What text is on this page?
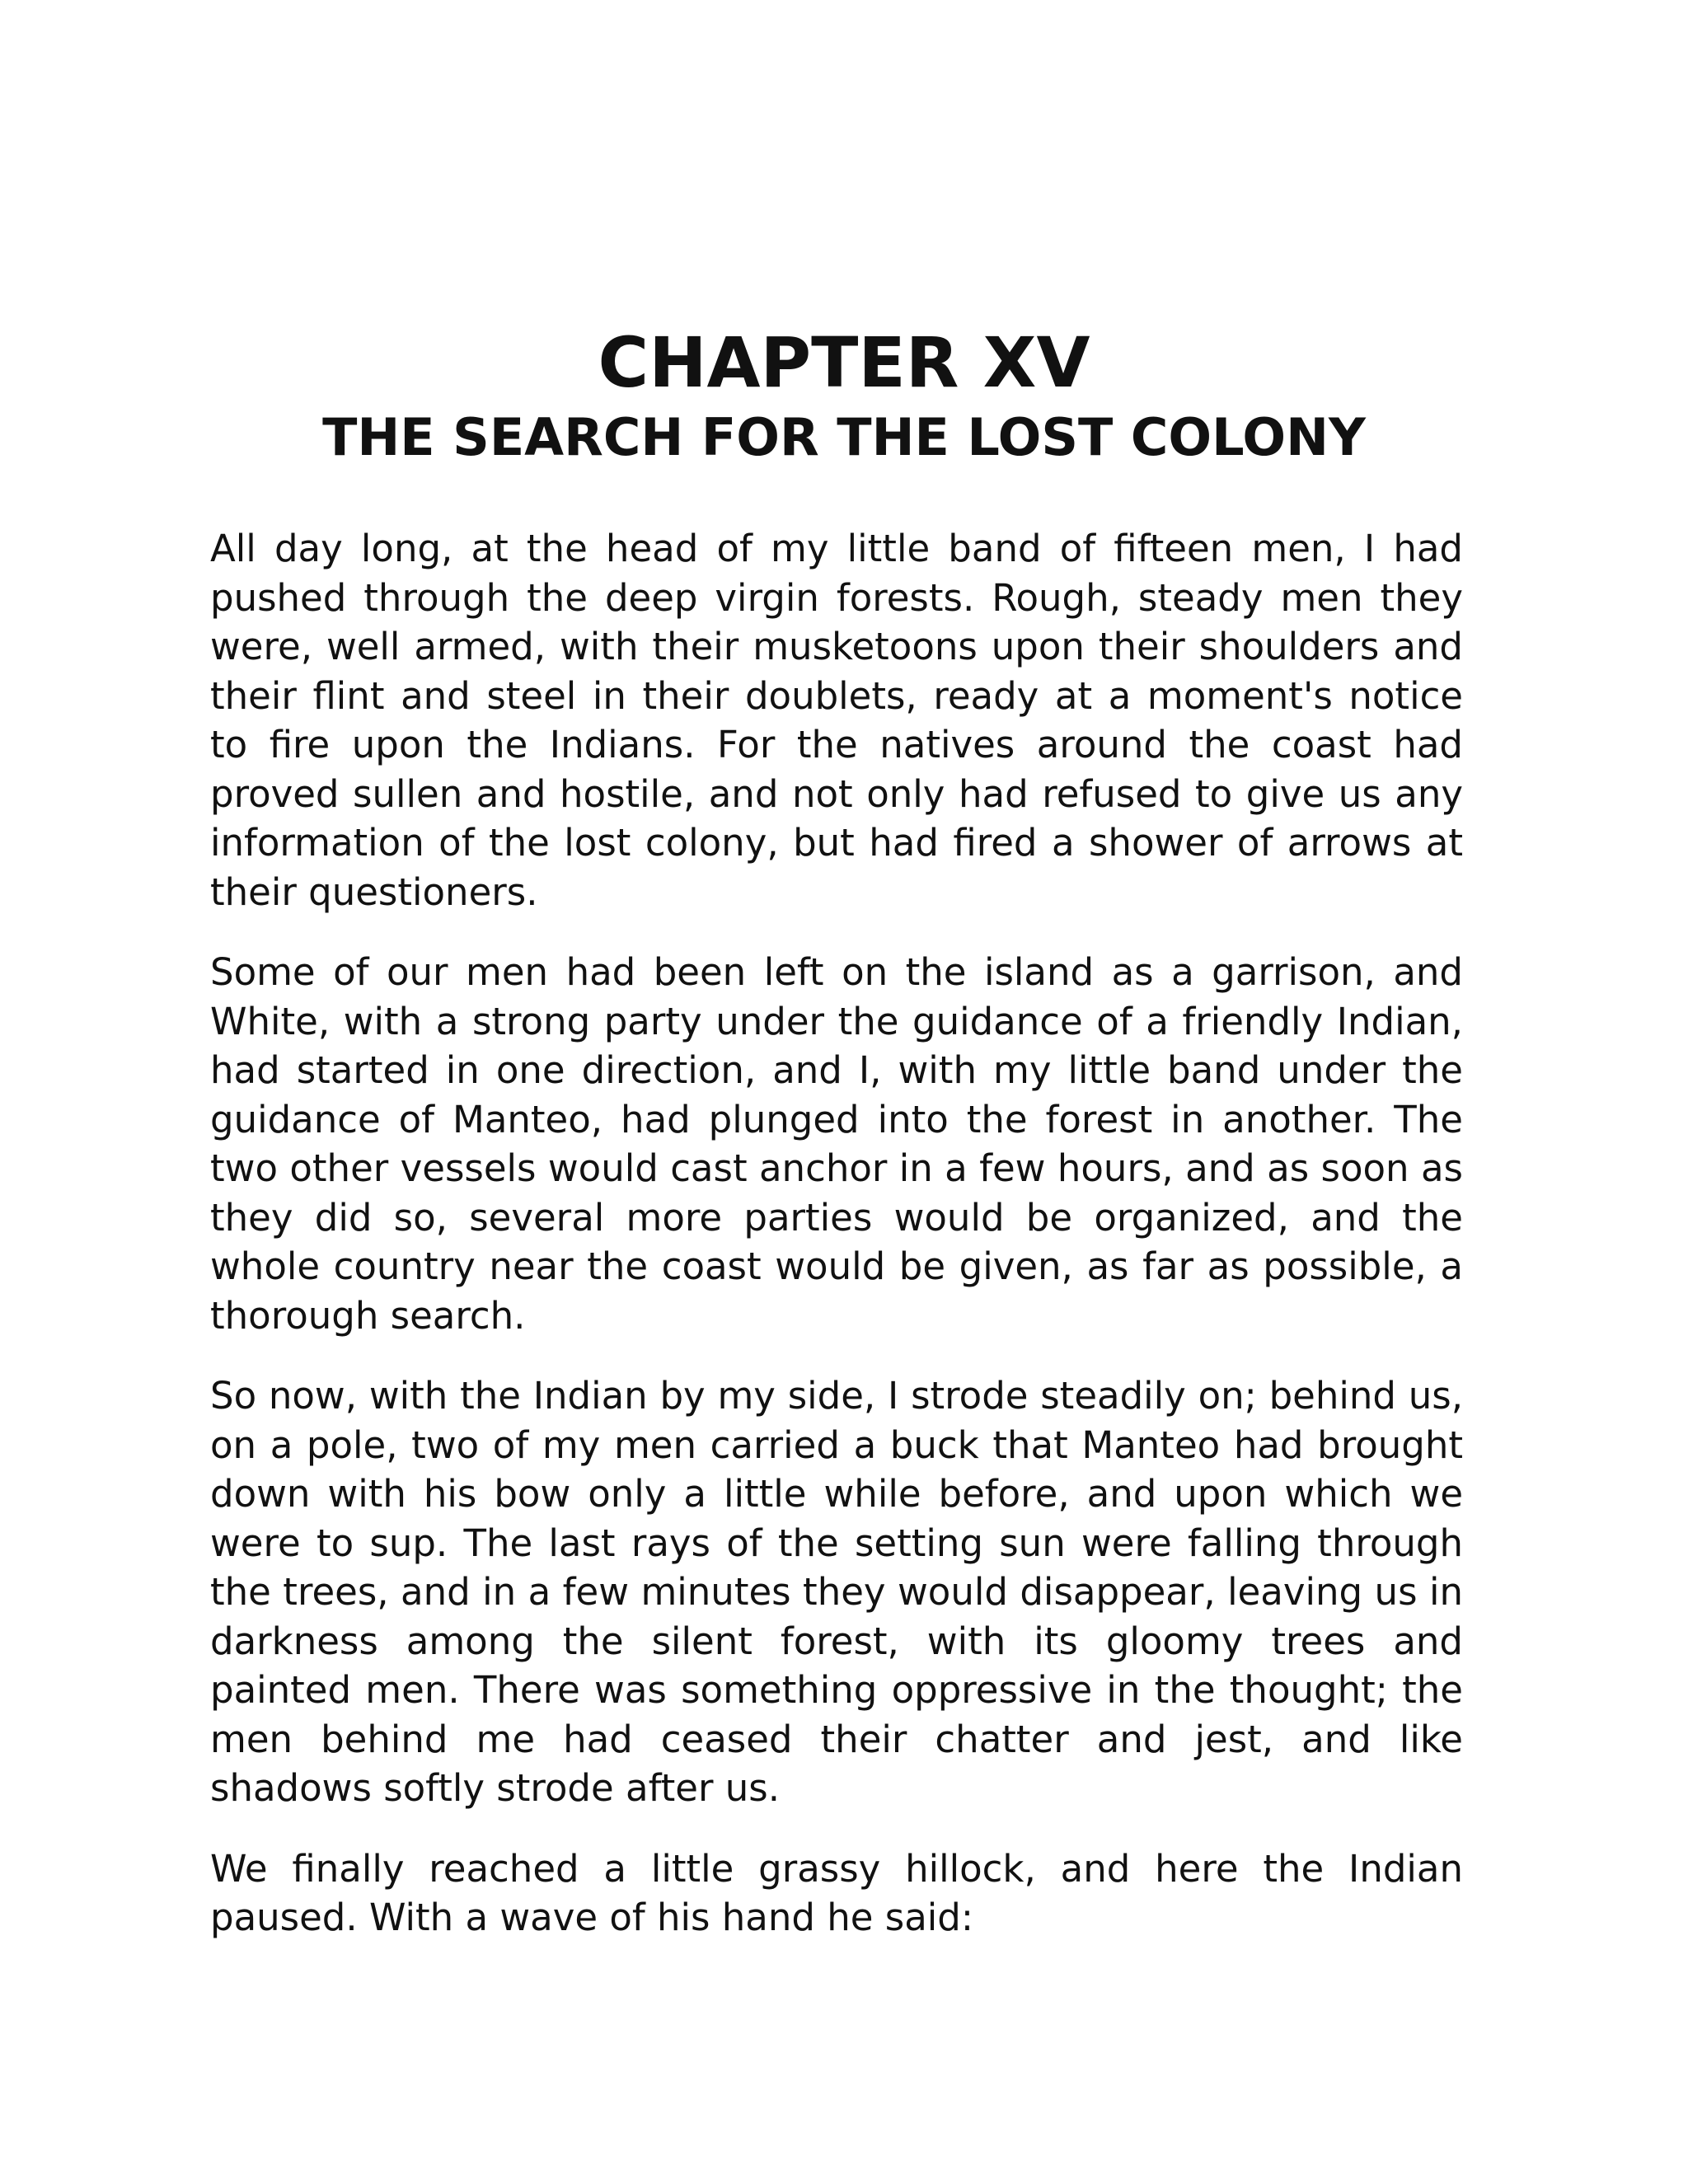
CHAPTER XV
THE SEARCH FOR THE LOST COLONY

All day long, at the head of my little band of fifteen men, I had pushed through the deep virgin forests. Rough, steady men they were, well armed, with their musketoons upon their shoulders and their flint and steel in their doublets, ready at a moment's notice to fire upon the Indians. For the natives around the coast had proved sullen and hostile, and not only had refused to give us any information of the lost colony, but had fired a shower of arrows at their questioners.

Some of our men had been left on the island as a garrison, and White, with a strong party under the guidance of a friendly Indian, had started in one direction, and I, with my little band under the guidance of Manteo, had plunged into the forest in another. The two other vessels would cast anchor in a few hours, and as soon as they did so, several more parties would be organized, and the whole country near the coast would be given, as far as possible, a thorough search.

So now, with the Indian by my side, I strode steadily on; behind us, on a pole, two of my men carried a buck that Manteo had brought down with his bow only a little while before, and upon which we were to sup. The last rays of the setting sun were falling through the trees, and in a few minutes they would disappear, leaving us in darkness among the silent forest, with its gloomy trees and painted men. There was something oppressive in the thought; the men behind me had ceased their chatter and jest, and like shadows softly strode after us.

We finally reached a little grassy hillock, and here the Indian paused. With a wave of his hand he said:
